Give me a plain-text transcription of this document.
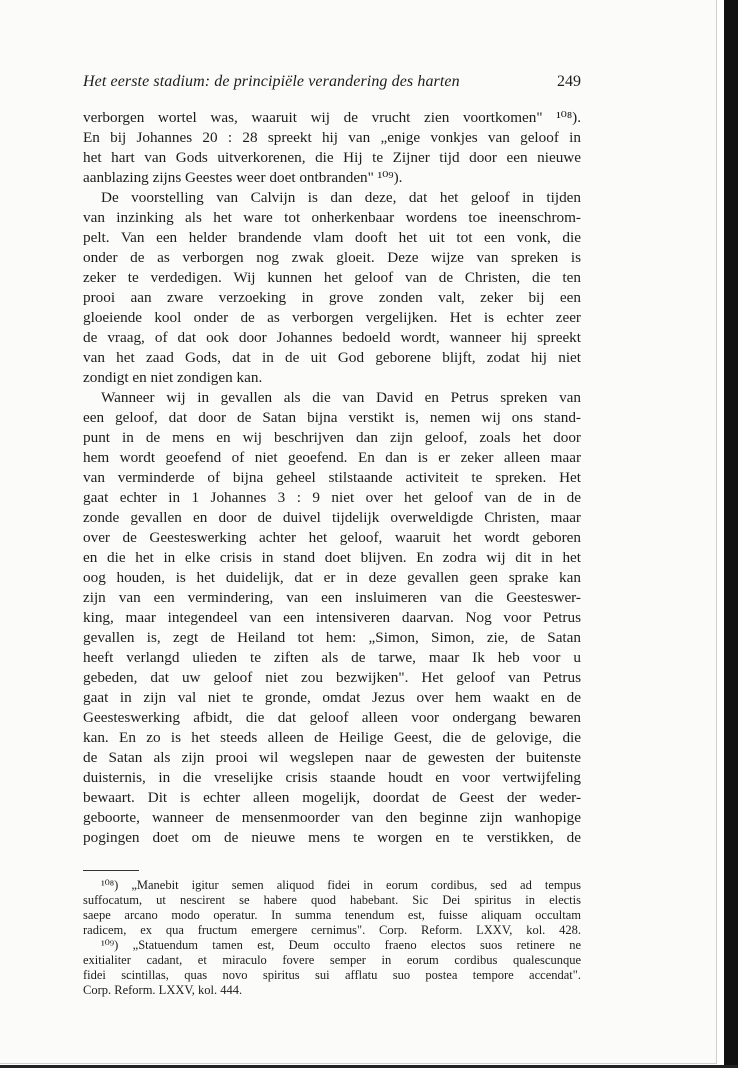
Het eerste stadium: de principiële verandering des harten	249
verborgen wortel was, waaruit wij de vrucht zien voortkomen" ¹⁰⁸).
En bij Johannes 20 : 28 spreekt hij van „enige vonkjes van geloof in
het hart van Gods uitverkorenen, die Hij te Zijner tijd door een nieuwe
aanblazing zijns Geestes weer doet ontbranden" ¹⁰⁹).
De voorstelling van Calvijn is dan deze, dat het geloof in tijden
van inzinking als het ware tot onherkenbaar wordens toe ineenschrom-
pelt. Van een helder brandende vlam dooft het uit tot een vonk, die
onder de as verborgen nog zwak gloeit. Deze wijze van spreken is
zeker te verdedigen. Wij kunnen het geloof van de Christen, die ten
prooi aan zware verzoeking in grove zonden valt, zeker bij een
gloeiende kool onder de as verborgen vergelijken. Het is echter zeer
de vraag, of dat ook door Johannes bedoeld wordt, wanneer hij spreekt
van het zaad Gods, dat in de uit God geborene blijft, zodat hij niet
zondigt en niet zondigen kan.
Wanneer wij in gevallen als die van David en Petrus spreken van
een geloof, dat door de Satan bijna verstikt is, nemen wij ons stand-
punt in de mens en wij beschrijven dan zijn geloof, zoals het door
hem wordt geoefend of niet geoefend. En dan is er zeker alleen maar
van verminderde of bijna geheel stilstaande activiteit te spreken. Het
gaat echter in 1 Johannes 3 : 9 niet over het geloof van de in de
zonde gevallen en door de duivel tijdelijk overweldigde Christen, maar
over de Geesteswerking achter het geloof, waaruit het wordt geboren
en die het in elke crisis in stand doet blijven. En zodra wij dit in het
oog houden, is het duidelijk, dat er in deze gevallen geen sprake kan
zijn van een vermindering, van een insluimeren van die Geesteswer-
king, maar integendeel van een intensiveren daarvan. Nog voor Petrus
gevallen is, zegt de Heiland tot hem: „Simon, Simon, zie, de Satan
heeft verlangd ulieden te ziften als de tarwe, maar Ik heb voor u
gebeden, dat uw geloof niet zou bezwijken". Het geloof van Petrus
gaat in zijn val niet te gronde, omdat Jezus over hem waakt en de
Geesteswerking afbidt, die dat geloof alleen voor ondergang bewaren
kan. En zo is het steeds alleen de Heilige Geest, die de gelovige, die
de Satan als zijn prooi wil wegslepen naar de gewesten der buitenste
duisternis, in die vreselijke crisis staande houdt en voor vertwijfeling
bewaart. Dit is echter alleen mogelijk, doordat de Geest der weder-
geboorte, wanneer de mensenmoorder van den beginne zijn wanhopige
pogingen doet om de nieuwe mens te worgen en te verstikken, de
¹⁰⁸) „Manebit igitur semen aliquod fidei in eorum cordibus, sed ad tempus
suffocatum, ut nescirent se habere quod habebant. Sic Dei spiritus in electis
saepe arcano modo operatur. In summa tenendum est, fuisse aliquam occultam
radicem, ex qua fructum emergere cernimus". Corp. Reform. LXXV, kol. 428.
¹⁰⁹) „Statuendum tamen est, Deum occulto fraeno electos suos retinere ne
exitialiter cadant, et miraculo fovere semper in eorum cordibus qualescunque
fidei scintillas, quas novo spiritus sui afflatu suo postea tempore accendat".
Corp. Reform. LXXV, kol. 444.
